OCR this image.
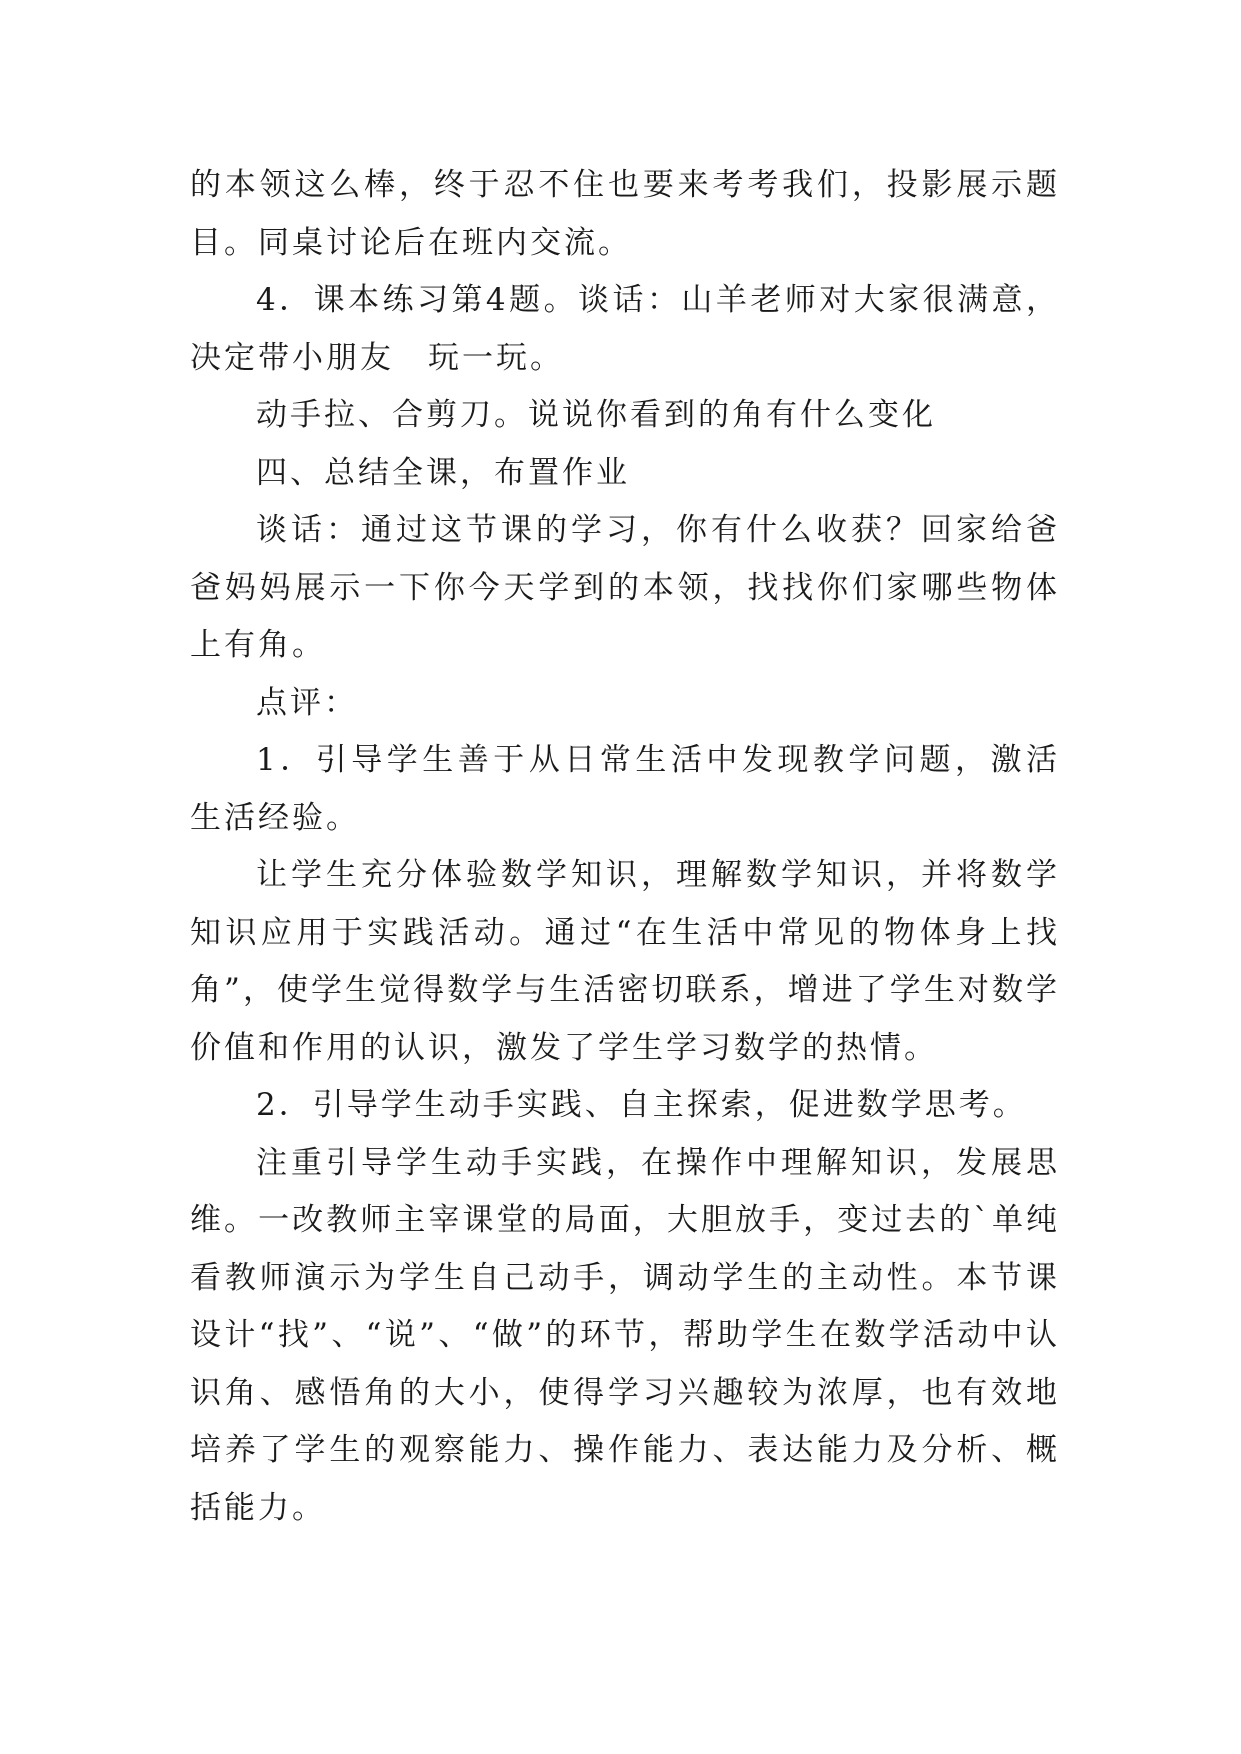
的本领这么棒，终于忍不住也要来考考我们，投影展示题目。同桌讨论后在班内交流。

4．课本练习第4题。谈话：山羊老师对大家很满意，决定带小朋友　玩一玩。

动手拉、合剪刀。说说你看到的角有什么变化

四、总结全课，布置作业

谈话：通过这节课的学习，你有什么收获？回家给爸爸妈妈展示一下你今天学到的本领，找找你们家哪些物体上有角。

点评：

1．引导学生善于从日常生活中发现教学问题，激活生活经验。

让学生充分体验数学知识，理解数学知识，并将数学知识应用于实践活动。通过“在生活中常见的物体身上找角”，使学生觉得数学与生活密切联系，增进了学生对数学价值和作用的认识，激发了学生学习数学的热情。

2．引导学生动手实践、自主探索，促进数学思考。

注重引导学生动手实践，在操作中理解知识，发展思维。一改教师主宰课堂的局面，大胆放手，变过去的`单纯看教师演示为学生自己动手，调动学生的主动性。本节课设计“找”、“说”、“做”的环节，帮助学生在数学活动中认识角、感悟角的大小，使得学习兴趣较为浓厚，也有效地培养了学生的观察能力、操作能力、表达能力及分析、概括能力。
